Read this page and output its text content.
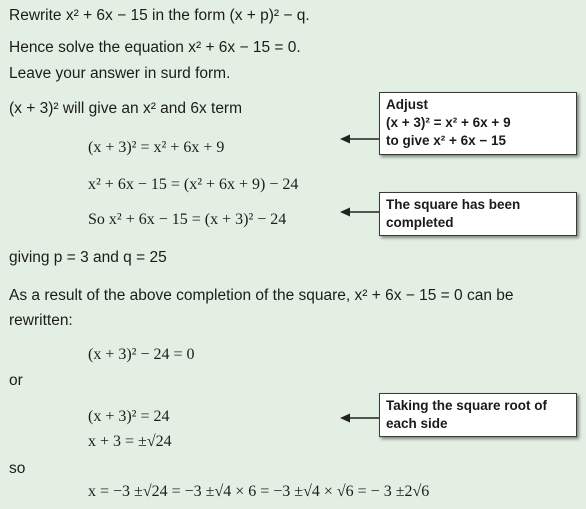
Rewrite x² + 6x − 15 in the form (x + p)² − q.
Hence solve the equation x² + 6x − 15 = 0.
Leave your answer in surd form.
(x + 3)² will give an x² and 6x term
(x + 3)² = x² + 6x + 9
x² + 6x − 15 = (x² + 6x + 9) − 24
So x² + 6x − 15 = (x + 3)² − 24
giving p = 3 and q = 25
As a result of the above completion of the square, x² + 6x − 15 = 0 can be
rewritten:
(x + 3)² − 24 = 0
or
(x + 3)² = 24
x + 3 = ±√24
so
x = −3 ±√24 = −3 ±√4 × 6 = −3 ±√4 × √6 = − 3 ±2√6
Adjust
(x + 3)² = x² + 6x + 9
to give x² + 6x − 15
The square has been
completed
Taking the square root of
each side
